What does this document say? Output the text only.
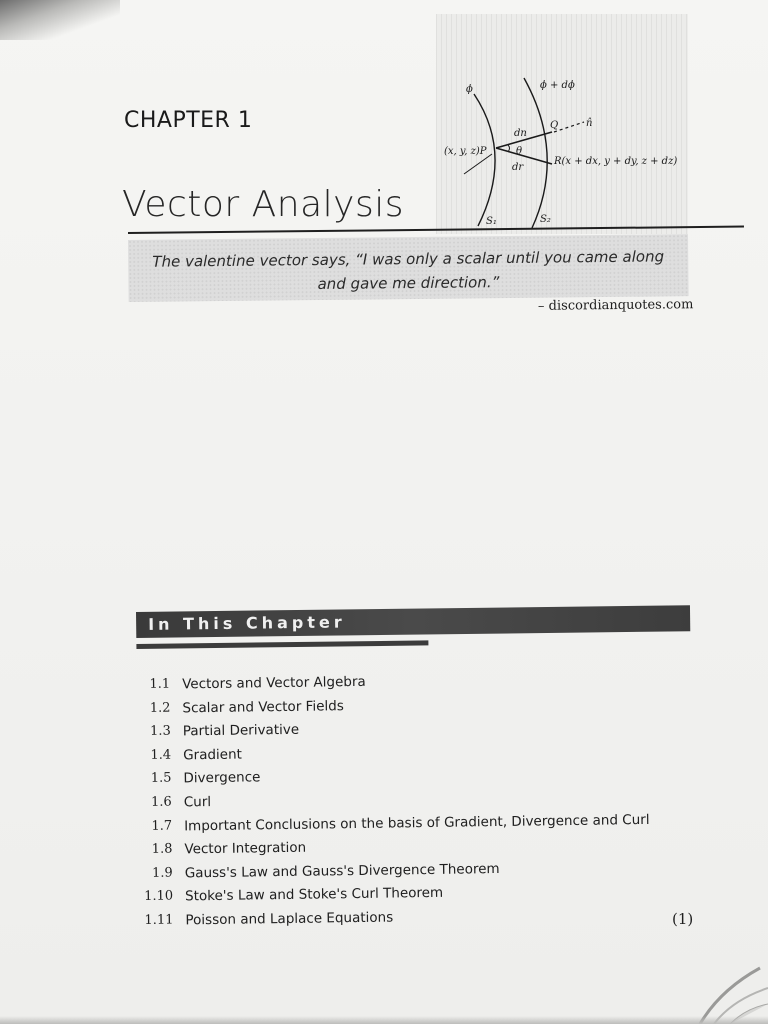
CHAPTER 1
Vector Analysis
ϕ	ϕ + dϕ
(x, y, z)P
dn
θ
dr
Q	n̂
R(x + dx, y + dy, z + dz)
S₁	S₂
The valentine vector says, “I was only a scalar until you came along
and gave me direction.”
– discordianquotes.com
In This Chapter
1.1 Vectors and Vector Algebra
1.2 Scalar and Vector Fields
1.3 Partial Derivative
1.4 Gradient
1.5 Divergence
1.6 Curl
1.7 Important Conclusions on the basis of Gradient, Divergence and Curl
1.8 Vector Integration
1.9 Gauss's Law and Gauss's Divergence Theorem
1.10 Stoke's Law and Stoke's Curl Theorem
1.11 Poisson and Laplace Equations	(1)
